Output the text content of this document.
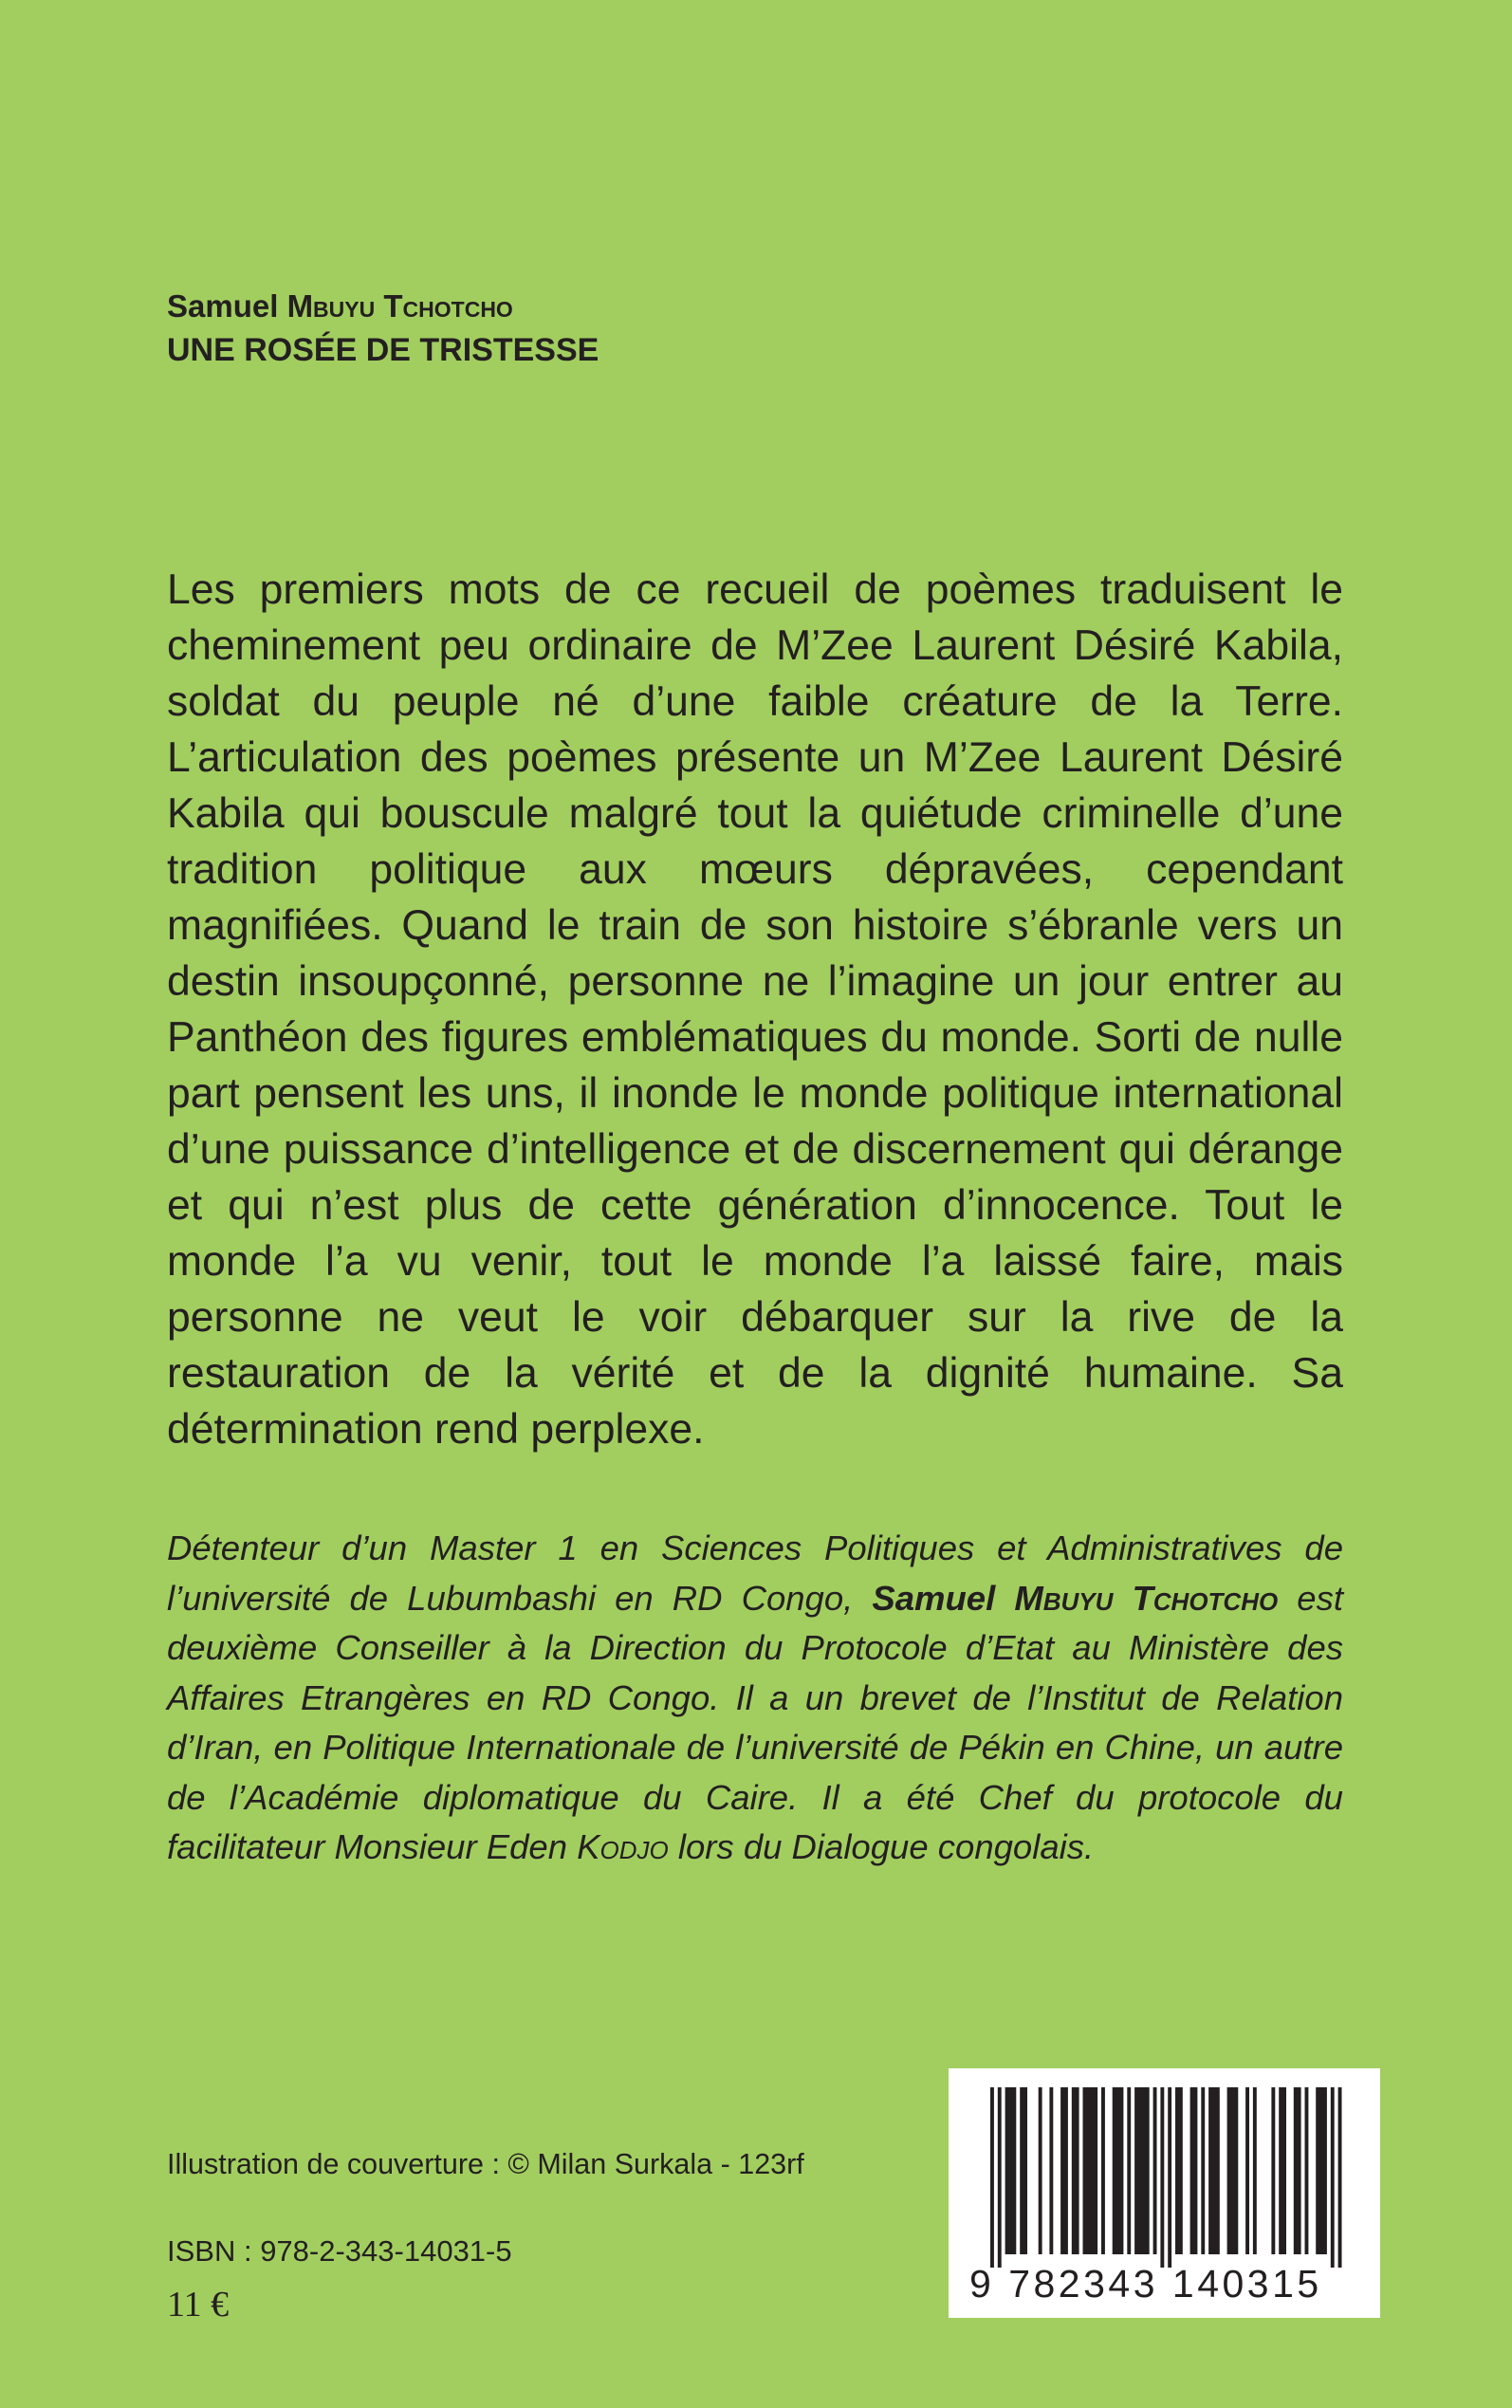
Samuel Mbuyu Tchotcho
UNE ROSÉE DE TRISTESSE

Les premiers mots de ce recueil de poèmes traduisent le cheminement peu ordinaire de M’Zee Laurent Désiré Kabila, soldat du peuple né d’une faible créature de la Terre. L’articulation des poèmes présente un M’Zee Laurent Désiré Kabila qui bouscule malgré tout la quiétude criminelle d’une tradition politique aux mœurs dépravées, cependant magnifiées. Quand le train de son histoire s’ébranle vers un destin insoupçonné, personne ne l’imagine un jour entrer au Panthéon des figures emblématiques du monde. Sorti de nulle part pensent les uns, il inonde le monde politique international d’une puissance d’intelligence et de discernement qui dérange et qui n’est plus de cette génération d’innocence. Tout le monde l’a vu venir, tout le monde l’a laissé faire, mais personne ne veut le voir débarquer sur la rive de la restauration de la vérité et de la dignité humaine. Sa détermination rend perplexe.

Détenteur d’un Master 1 en Sciences Politiques et Administratives de l’université de Lubumbashi en RD Congo, Samuel Mbuyu Tchotcho est deuxième Conseiller à la Direction du Protocole d’Etat au Ministère des Affaires Etrangères en RD Congo. Il a un brevet de l’Institut de Relation d’Iran, en Politique Internationale de l’université de Pékin en Chine, un autre de l’Académie diplomatique du Caire. Il a été Chef du protocole du facilitateur Monsieur Eden Kodjo lors du Dialogue congolais.

Illustration de couverture : © Milan Surkala - 123rf
ISBN : 978-2-343-14031-5
11 €	9 782343 140315
